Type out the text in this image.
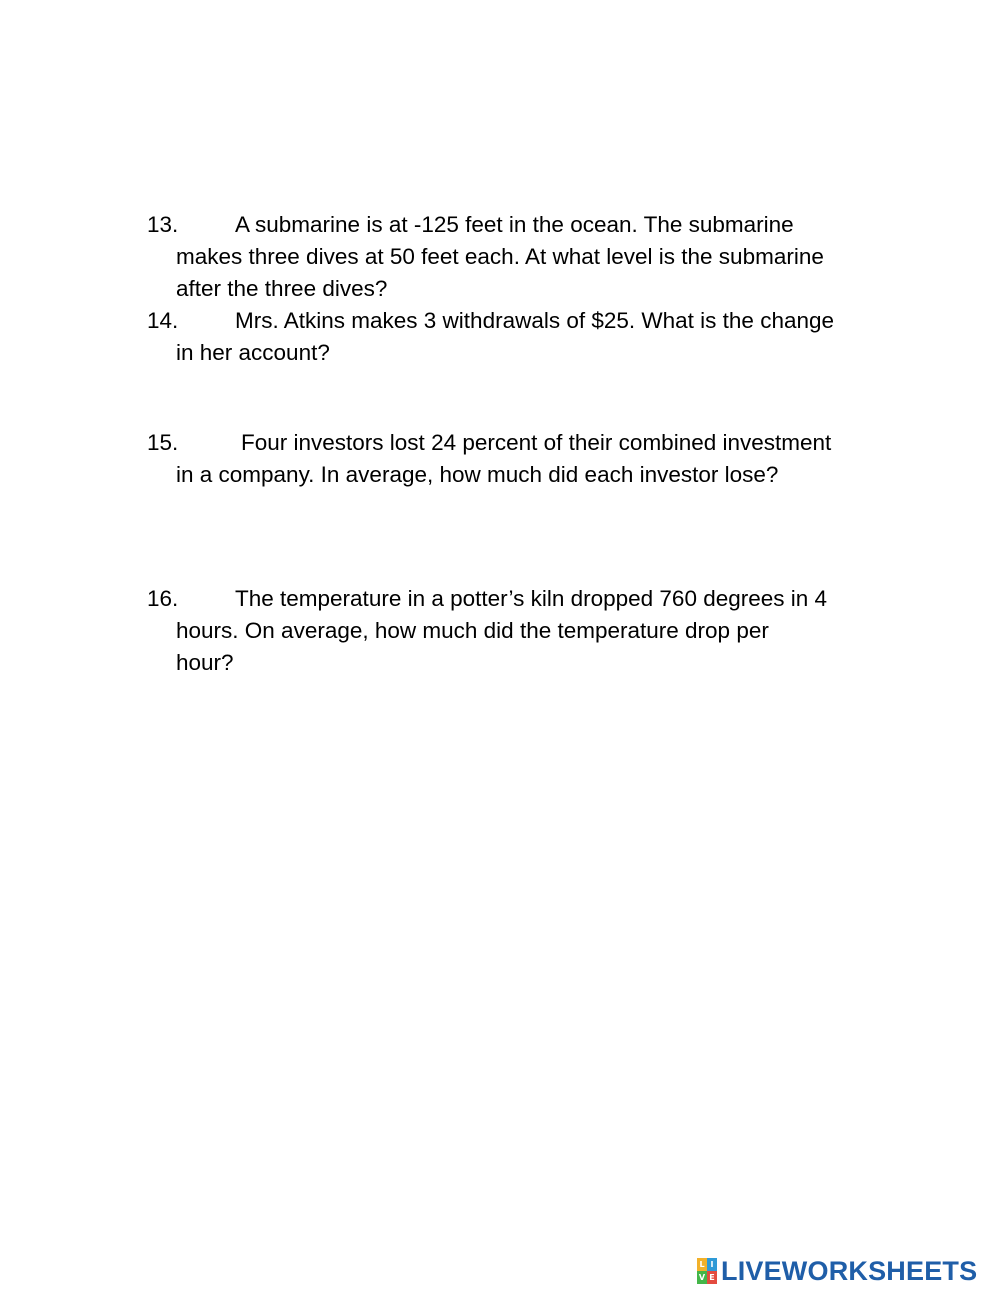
13.	A submarine is at -125 feet in the ocean. The submarine
makes three dives at 50 feet each. At what level is the submarine
after the three dives?
14.	Mrs. Atkins makes 3 withdrawals of $25. What is the change
in her account?
15.	Four investors lost 24 percent of their combined investment
in a company. In average, how much did each investor lose?
16.	The temperature in a potter’s kiln dropped 760 degrees in 4
hours. On average, how much did the temperature drop per
hour?
L I
V E LIVEWORKSHEETS
